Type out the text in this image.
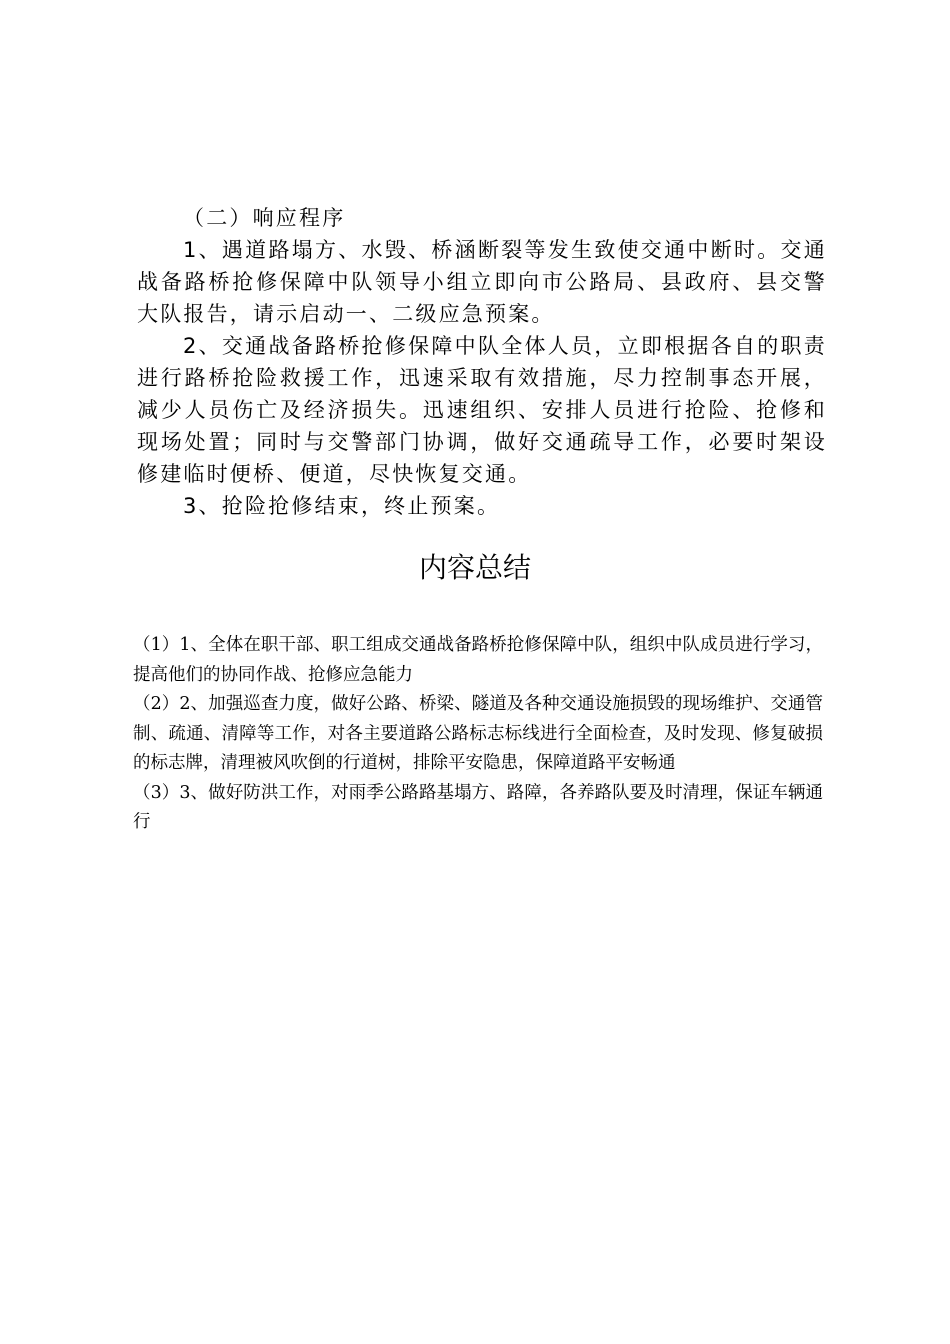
（二）响应程序

1、遇道路塌方、水毁、桥涵断裂等发生致使交通中断时。交通战备路桥抢修保障中队领导小组立即向市公路局、县政府、县交警大队报告，请示启动一、二级应急预案。

2、交通战备路桥抢修保障中队全体人员，立即根据各自的职责进行路桥抢险救援工作，迅速采取有效措施，尽力控制事态开展，减少人员伤亡及经济损失。迅速组织、安排人员进行抢险、抢修和现场处置；同时与交警部门协调，做好交通疏导工作，必要时架设修建临时便桥、便道，尽快恢复交通。

3、抢险抢修结束，终止预案。

内容总结

（1）1、全体在职干部、职工组成交通战备路桥抢修保障中队，组织中队成员进行学习，提高他们的协同作战、抢修应急能力

（2）2、加强巡查力度，做好公路、桥梁、隧道及各种交通设施损毁的现场维护、交通管制、疏通、清障等工作，对各主要道路公路标志标线进行全面检查，及时发现、修复破损的标志牌，清理被风吹倒的行道树，排除平安隐患，保障道路平安畅通

（3）3、做好防洪工作，对雨季公路路基塌方、路障，各养路队要及时清理，保证车辆通行
